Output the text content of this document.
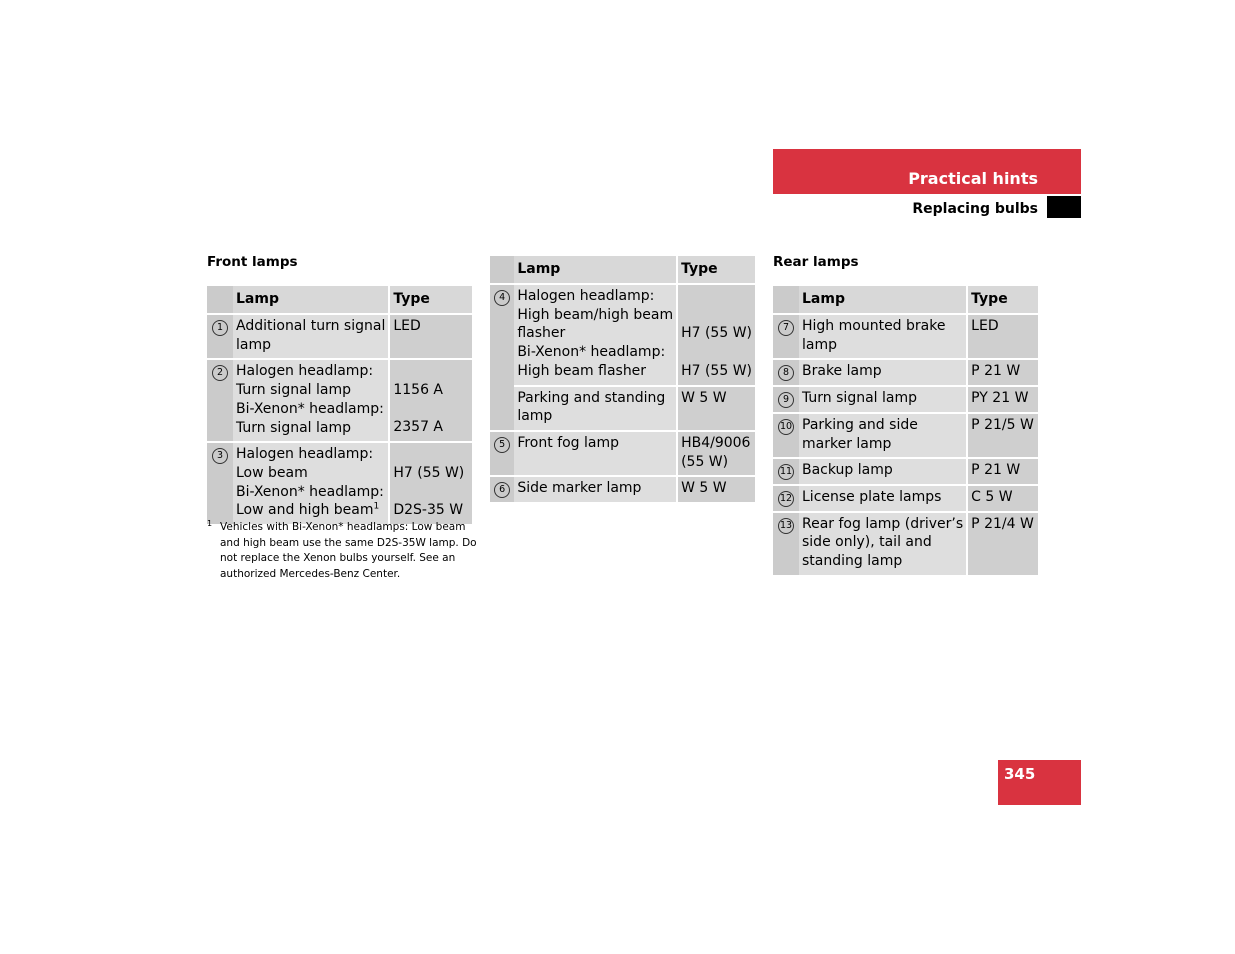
Practical hints
Replacing bulbs
Front lamps
	Lamp	Type
1	Additional turn signal
lamp	LED

2	Halogen headlamp:
Turn signal lamp
Bi-Xenon* headlamp:
Turn signal lamp	1156 A
2357 A

3	Halogen headlamp:
Low beam
Bi-Xenon* headlamp:
Low and high beam$^1$	H7 (55 W)
D2S-35 W
1 Vehicles with Bi-Xenon* headlamps: Low beam
and high beam use the same D2S-35W lamp. Do
not replace the Xenon bulbs yourself. See an
authorized Mercedes-Benz Center.
	Lamp	Type
4	Halogen headlamp:
High beam/high beam
flasher
Bi-Xenon* headlamp:
High beam flasher	H7 (55 W)
H7 (55 W)

	Parking and standing
lamp	W 5 W

5	Front fog lamp	HB4/9006
(55 W)

6	Side marker lamp	W 5 W
Rear lamps
	Lamp	Type
7	High mounted brake
lamp	LED

8	Brake lamp	P 21 W

9	Turn signal lamp	PY 21 W

10	Parking and side
marker lamp	P 21/5 W

11	Backup lamp	P 21 W

12	License plate lamps	C 5 W

13	Rear fog lamp (driver’s
side only), tail and
standing lamp	P 21/4 W
345
